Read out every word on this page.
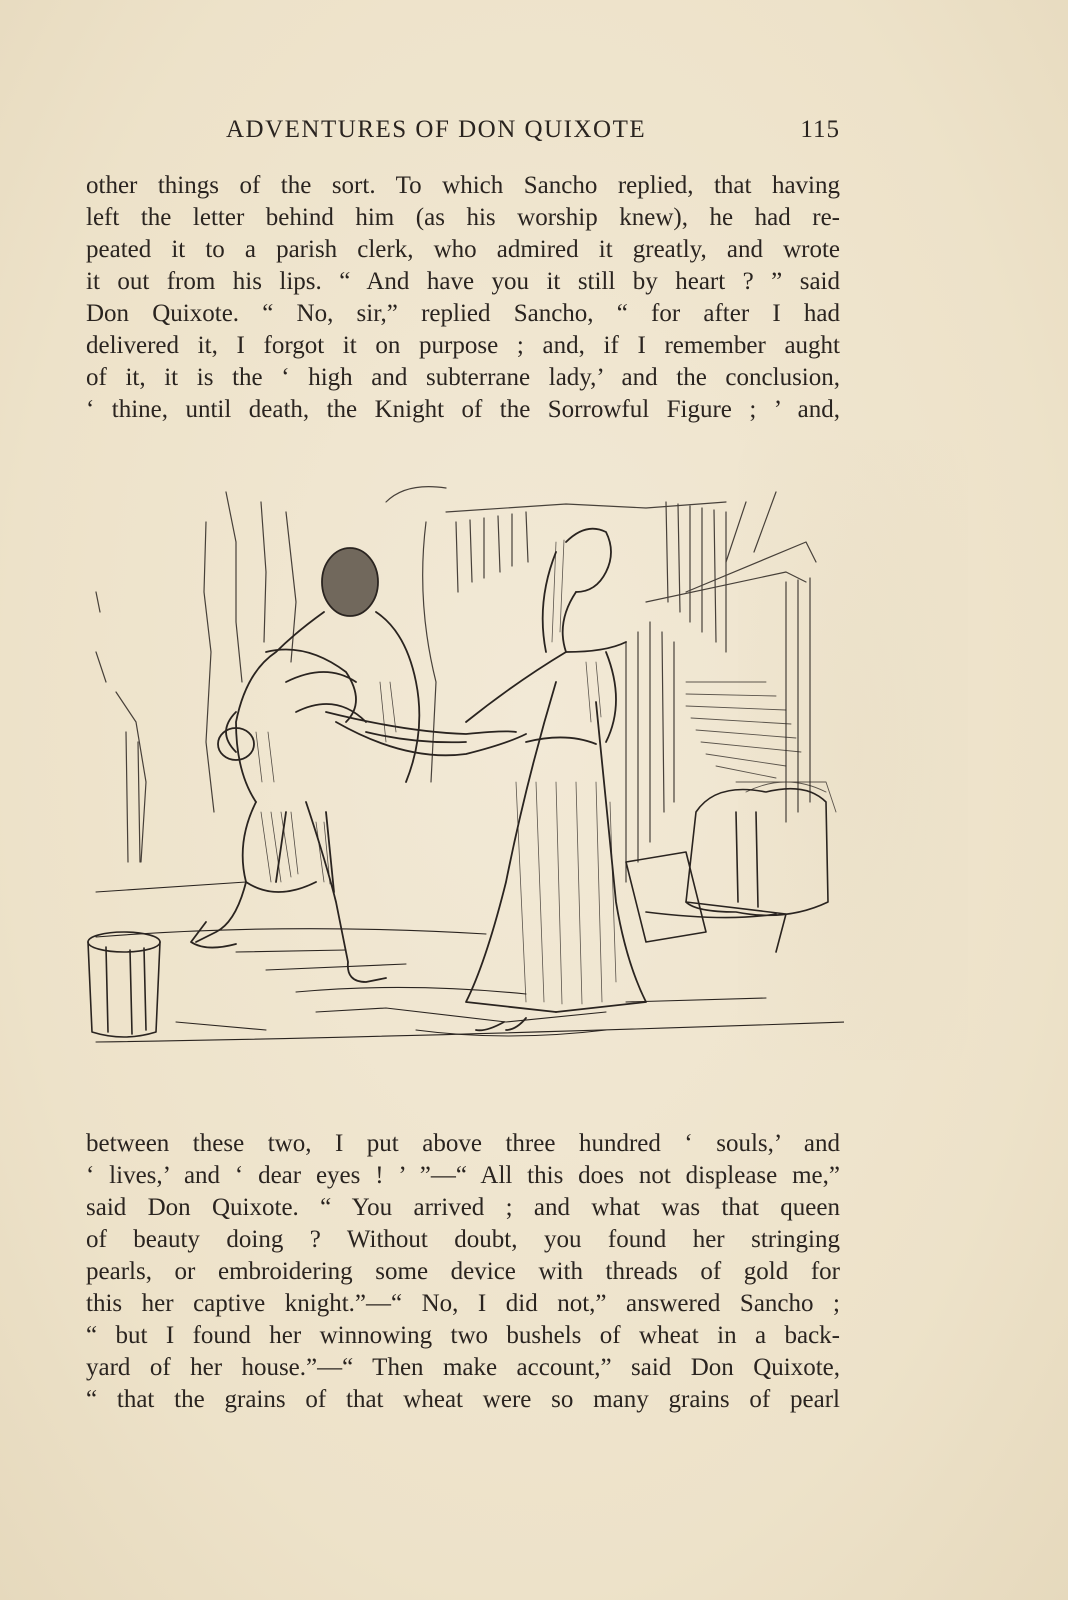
ADVENTURES OF DON QUIXOTE	115
other things of the sort. To which Sancho replied, that having
left the letter behind him (as his worship knew), he had re-
peated it to a parish clerk, who admired it greatly, and wrote
it out from his lips. “ And have you it still by heart ? ” said
Don Quixote. “ No, sir,” replied Sancho, “ for after I had
delivered it, I forgot it on purpose ; and, if I remember aught
of it, it is the ‘ high and subterrane lady,’ and the conclusion,
‘ thine, until death, the Knight of the Sorrowful Figure ; ’ and,
between these two, I put above three hundred ‘ souls,’ and
‘ lives,’ and ‘ dear eyes ! ’ ”—“ All this does not displease me,”
said Don Quixote. “ You arrived ; and what was that queen
of beauty doing ? Without doubt, you found her stringing
pearls, or embroidering some device with threads of gold for
this her captive knight.”—“ No, I did not,” answered Sancho ;
“ but I found her winnowing two bushels of wheat in a back-
yard of her house.”—“ Then make account,” said Don Quixote,
“ that the grains of that wheat were so many grains of pearl
